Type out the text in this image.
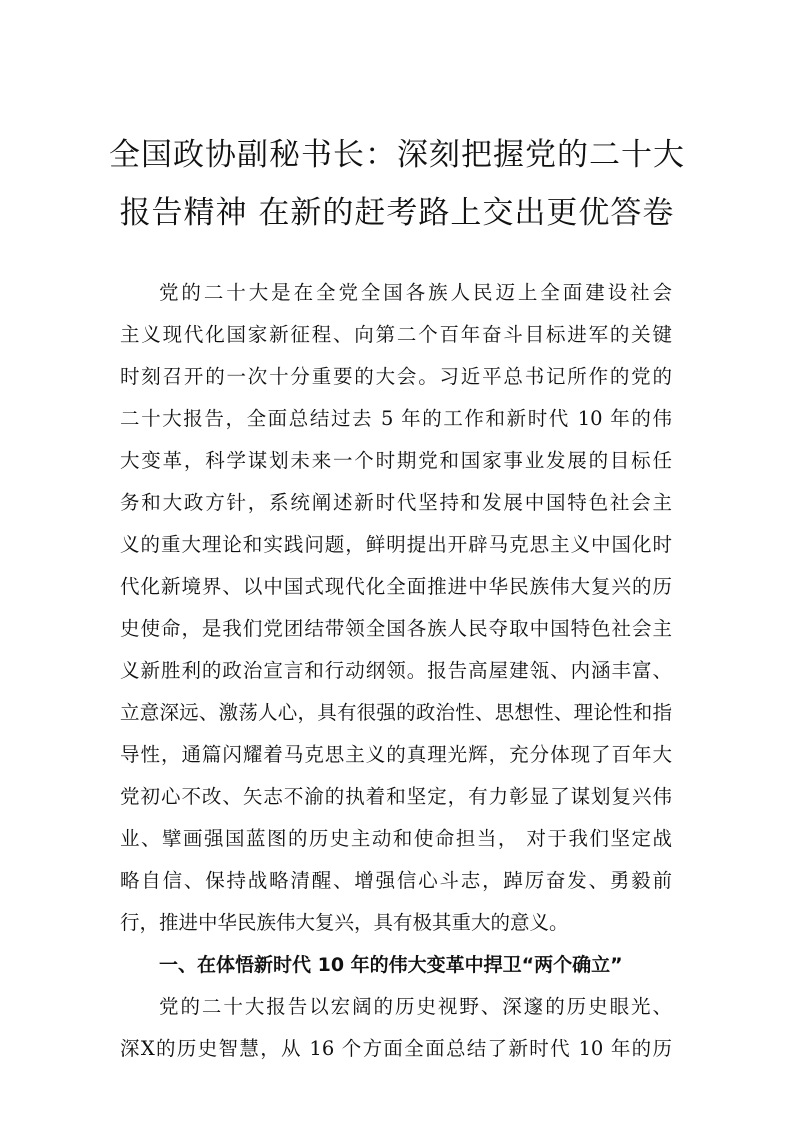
全国政协副秘书长：深刻把握党的二十大
报告精神 在新的赶考路上交出更优答卷
党的二十大是在全党全国各族人民迈上全面建设社会
主义现代化国家新征程、向第二个百年奋斗目标进军的关键
时刻召开的一次十分重要的大会。习近平总书记所作的党的
二十大报告，全面总结过去 5 年的工作和新时代 10 年的伟
大变革，科学谋划未来一个时期党和国家事业发展的目标任
务和大政方针，系统阐述新时代坚持和发展中国特色社会主
义的重大理论和实践问题，鲜明提出开辟马克思主义中国化时
代化新境界、以中国式现代化全面推进中华民族伟大复兴的历
史使命，是我们党团结带领全国各族人民夺取中国特色社会主
义新胜利的政治宣言和行动纲领。报告高屋建瓴、内涵丰富、
立意深远、激荡人心，具有很强的政治性、思想性、理论性和指
导性，通篇闪耀着马克思主义的真理光辉，充分体现了百年大
党初心不改、矢志不渝的执着和坚定，有力彰显了谋划复兴伟
业、擘画强国蓝图的历史主动和使命担当， 对于我们坚定战
略自信、保持战略清醒、增强信心斗志，踔厉奋发、勇毅前
行，推进中华民族伟大复兴，具有极其重大的意义。
一、在体悟新时代 10 年的伟大变革中捍卫“两个确立”
党的二十大报告以宏阔的历史视野、深邃的历史眼光、
深X的历史智慧，从 16 个方面全面总结了新时代 10 年的历
